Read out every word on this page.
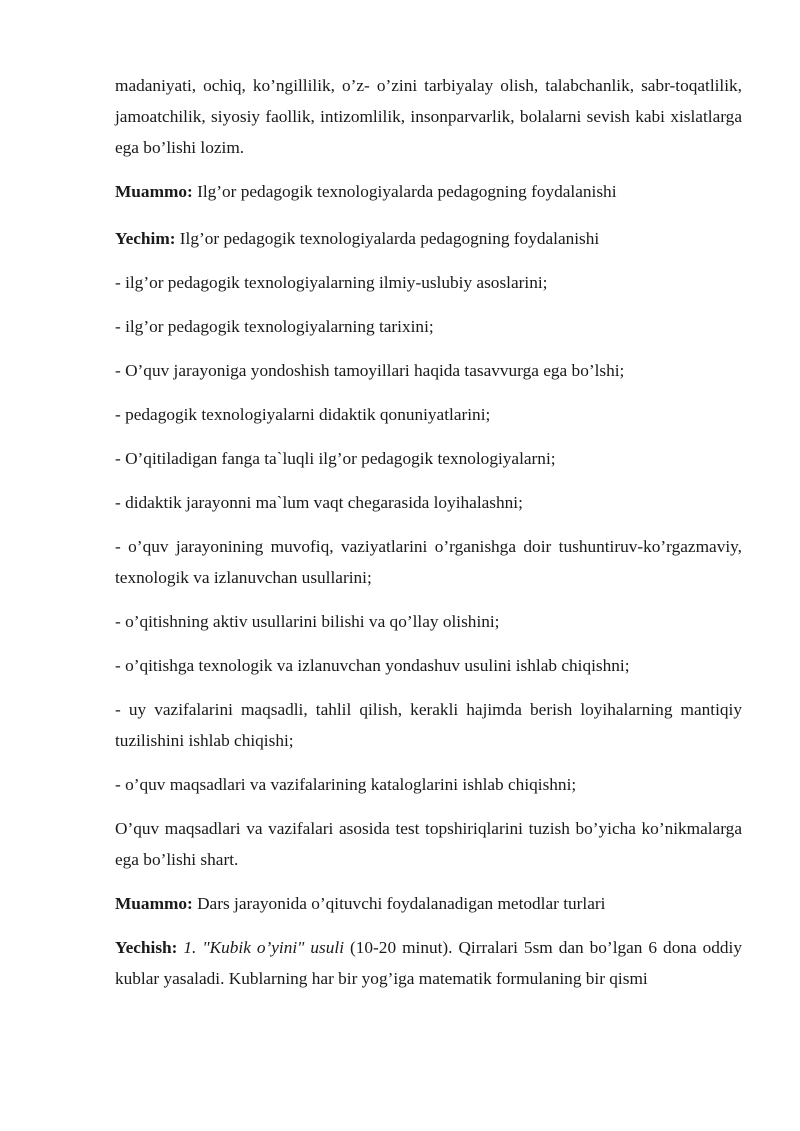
madaniyati, ochiq, ko’ngillilik, o’z- o’zini tarbiyalay olish, talabchanlik, sabr-toqatlilik, jamoatchilik, siyosiy faollik, intizomlilik, insonparvarlik, bolalarni sevish kabi xislatlarga ega bo’lishi lozim.

Muammo: Ilg’or pedagogik texnologiyalarda pedagogning foydalanishi

Yechim: Ilg’or pedagogik texnologiyalarda pedagogning foydalanishi

- ilg’or pedagogik texnologiyalarning ilmiy-uslubiy asoslarini;

- ilg’or pedagogik texnologiyalarning tarixini;

- O’quv jarayoniga yondoshish tamoyillari haqida tasavvurga ega bo’lshi;

- pedagogik texnologiyalarni didaktik qonuniyatlarini;

- O’qitiladigan fanga ta`luqli ilg’or pedagogik texnologiyalarni;

- didaktik jarayonni ma`lum vaqt chegarasida loyihalashni;

- o’quv jarayonining muvofiq, vaziyatlarini o’rganishga doir tushuntiruv-ko’rgazmaviy, texnologik va izlanuvchan usullarini;

- o’qitishning aktiv usullarini bilishi va qo’llay olishini;

- o’qitishga texnologik va izlanuvchan yondashuv usulini ishlab chiqishni;

- uy vazifalarini maqsadli, tahlil qilish, kerakli hajimda berish loyihalarning mantiqiy tuzilishini ishlab chiqishi;

- o’quv maqsadlari va vazifalarining kataloglarini ishlab chiqishni;

O’quv maqsadlari va vazifalari asosida test topshiriqlarini tuzish bo’yicha ko’nikmalarga ega bo’lishi shart.

Muammo: Dars jarayonida o’qituvchi foydalanadigan metodlar turlari

Yechish: 1. "Kubik o’yini" usuli (10-20 minut). Qirralari 5sm dan bo’lgan 6 dona oddiy kublar yasaladi. Kublarning har bir yog’iga matematik formulaning bir qismi
